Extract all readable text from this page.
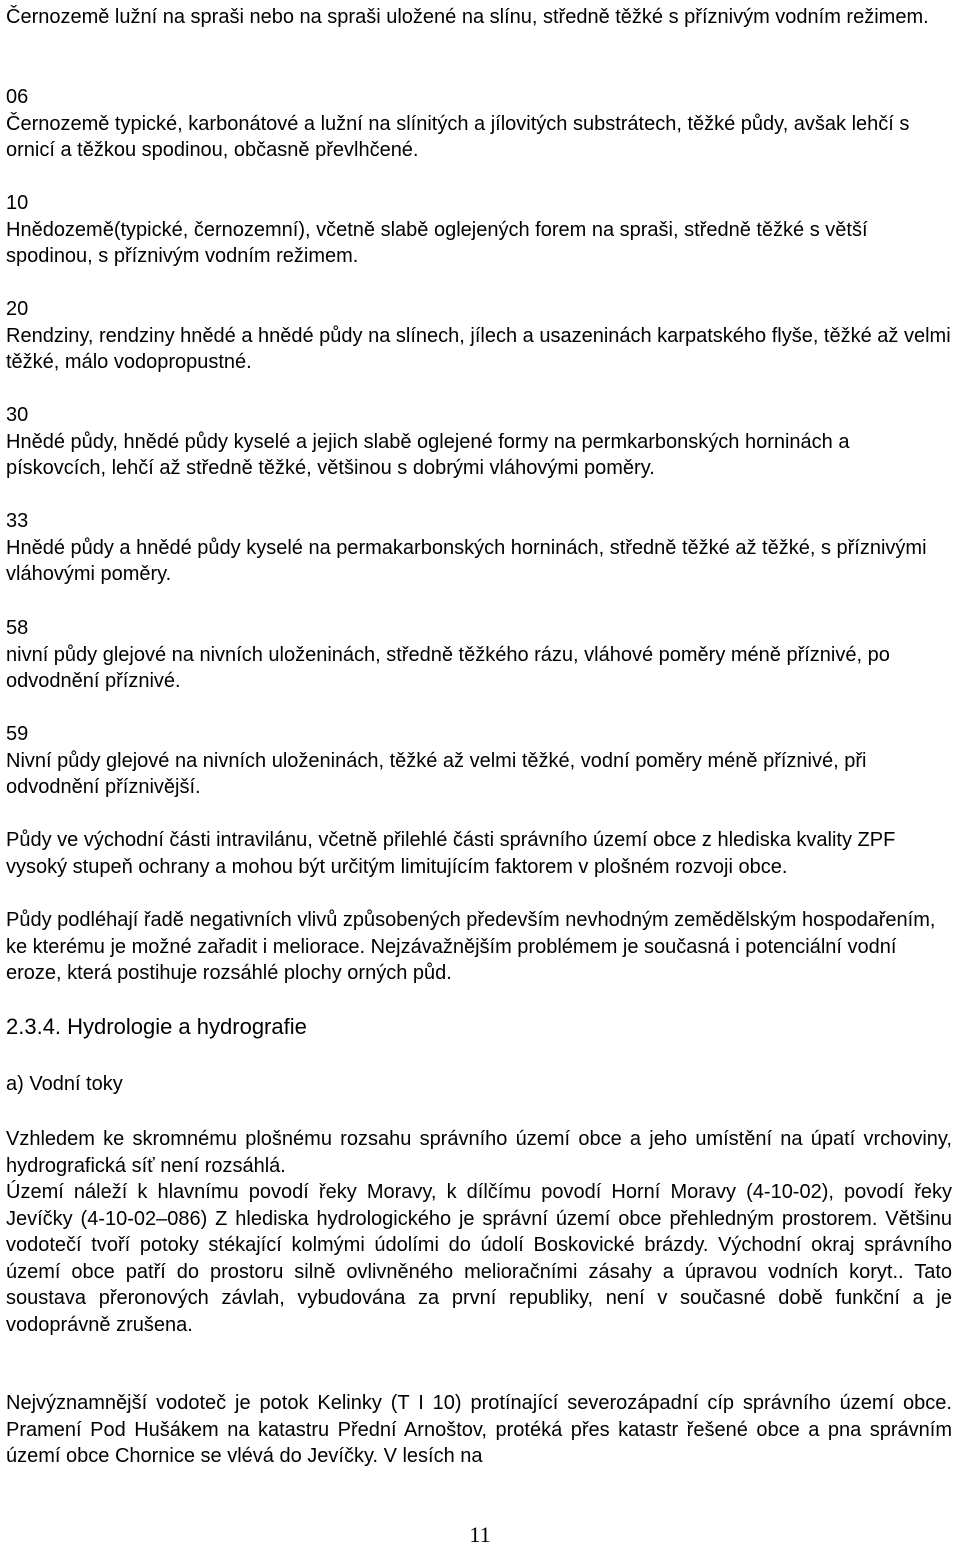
Černozemě lužní na spraši nebo na spraši uložené na slínu, středně těžké s příznivým vodním režimem.
06
Černozemě typické, karbonátové a lužní na slínitých a jílovitých substrátech, těžké půdy, avšak lehčí s ornicí a těžkou spodinou, občasně převlhčené.
10
Hnědozemě(typické, černozemní), včetně slabě oglejených forem na spraši, středně těžké s větší spodinou, s příznivým vodním režimem.
20
Rendziny, rendziny hnědé a hnědé půdy na slínech, jílech a usazeninách karpatského flyše, těžké až velmi těžké, málo vodopropustné.
30
Hnědé půdy, hnědé půdy kyselé a jejich slabě oglejené formy na permkarbonských horninách a pískovcích, lehčí až středně těžké, většinou s dobrými vláhovými poměry.
33
Hnědé půdy a hnědé půdy kyselé na permakarbonských horninách, středně těžké až těžké, s příznivými vláhovými poměry.
58
nivní půdy glejové na nivních uloženinách, středně těžkého rázu, vláhové poměry méně příznivé, po odvodnění příznivé.
59
Nivní půdy glejové na nivních uloženinách, těžké až velmi těžké, vodní poměry méně příznivé, při odvodnění příznivější.
Půdy ve východní části intravilánu, včetně přilehlé části správního území obce z hlediska kvality ZPF vysoký stupeň ochrany a mohou být určitým limitujícím faktorem v plošném rozvoji obce.
Půdy podléhají řadě negativních vlivů způsobených především nevhodným zemědělským hospodařením, ke kterému je možné zařadit i meliorace. Nejzávažnějším problémem je současná i potenciální vodní eroze, která postihuje rozsáhlé plochy orných půd.
2.3.4. Hydrologie a hydrografie
a) Vodní toky
Vzhledem ke skromnému plošnému rozsahu správního území obce a jeho umístění na úpatí vrchoviny, hydrografická síť není rozsáhlá.
Území náleží k hlavnímu povodí řeky Moravy, k dílčímu povodí Horní Moravy (4-10-02), povodí řeky Jevíčky (4-10-02–086) Z hlediska hydrologického je správní území obce přehledným prostorem. Většinu vodotečí tvoří potoky stékající kolmými údolími do údolí Boskovické brázdy. Východní okraj správního území obce patří do prostoru silně ovlivněného melioračními zásahy a úpravou vodních koryt.. Tato soustava přeronových závlah, vybudována za první republiky, není v současné době funkční a je vodoprávně zrušena.
Nejvýznamnější vodoteč je potok Kelinky (T I 10) protínající severozápadní cíp správního území obce. Pramení Pod Hušákem na katastru Přední Arnoštov, protéká přes katastr řešené obce a pna správním území obce Chornice se vlévá do Jevíčky. V lesích na
11
